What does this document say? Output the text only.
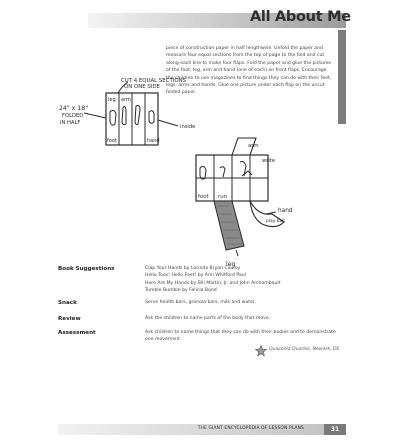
All About Me
piece of construction paper in half lengthwise. Unfold the paper and measure four equal sections from the top of page to the fold and cut along each line to make four flaps. Fold the paper and glue the pictures of the foot, leg, arm and hand (one of each) on front flaps. Encourage the children to use magazines to find things they can do with their feet, legs, arms and hands. Glue one picture under each flap on the uncut folded paper.
CUT 4 EQUAL SECTIONS
ON ONE SIDE
24" x 18"
FOLDED
IN HALF
inside
leg arm
foot	hand
arm
write
foot run
hand
play ball
leg
Book Suggestions	Clap Your Hands by Lorinda Bryan Cauley
Hello Toes! Hello Feet! by Ann Whitford Paul
Here Are My Hands by Bill Martin, Jr. and John Archambault
Tumble Bumble by Felicia Bond
Snack	Serve health bars, granola bars, milk and water.
Review	Ask the children to name parts of the body that move.
Assessment	Ask children to name things that they can do with their bodies and to demonstrate
one movement.
Quazonia Quarles, Newark, DE
THE GIANT ENCYCLOPEDIA OF LESSON PLANS	31
